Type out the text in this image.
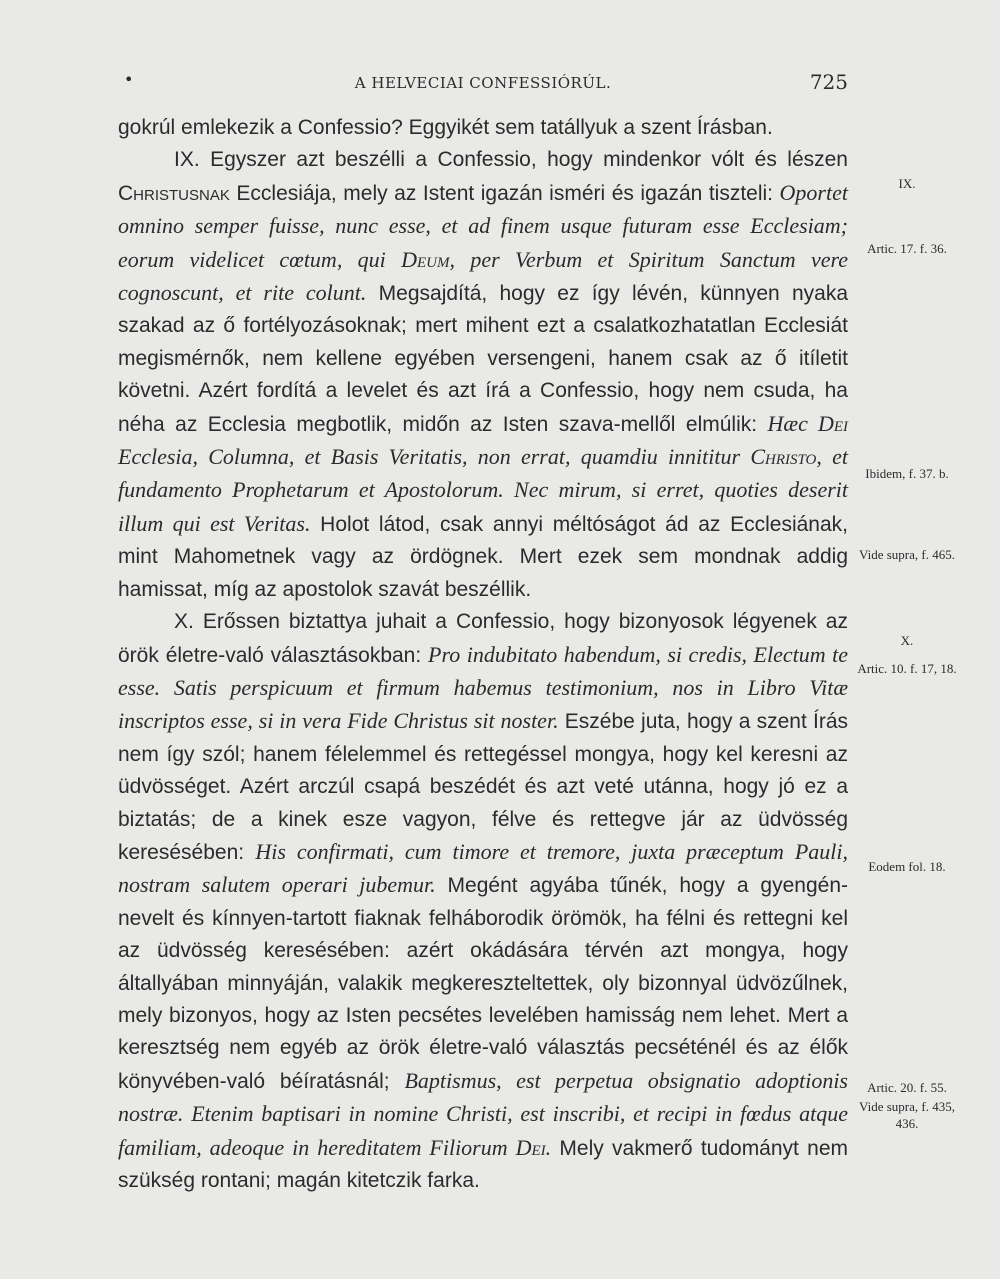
•	A HELVECIAI CONFESSIÓRÚL.	725

gokrúl emlekezik a Confessio? Eggyikét sem tatállyuk a szent Írásban.

IX. Egyszer azt beszélli a Confessio, hogy mindenkor vólt és lészen Christusnak Ecclesiája, mely az Istent igazán isméri és igazán tiszteli: Oportet omnino semper fuisse, nunc esse, et ad finem usque futuram esse Ecclesiam; eorum videlicet cœtum, qui Deum, per Verbum et Spiritum Sanctum vere cognoscunt, et rite colunt. Megsajdítá, hogy ez így lévén, künnyen nyaka szakad az ő fortélyozásoknak; mert mihent ezt a csalatkozhatatlan Ecclesiát megismérnők, nem kellene egyében versengeni, hanem csak az ő itíletit követni. Azért fordítá a levelet és azt írá a Confessio, hogy nem csuda, ha néha az Ecclesia megbotlik, midőn az Isten szava-mellől elmúlik: Hæc Dei Ecclesia, Columna, et Basis Veritatis, non errat, quamdiu innititur Christo, et fundamento Prophetarum et Apostolorum. Nec mirum, si erret, quoties deserit illum qui est Veritas. Holot látod, csak annyi méltóságot ád az Ecclesiának, mint Mahometnek vagy az ördögnek. Mert ezek sem mondnak addig hamissat, míg az apostolok szavát beszéllik.

X. Erőssen biztattya juhait a Confessio, hogy bizonyosok légyenek az örök életre-való választásokban: Pro indubitato habendum, si credis, Electum te esse. Satis perspicuum et firmum habemus testimonium, nos in Libro Vitæ inscriptos esse, si in vera Fide Christus sit noster. Eszébe juta, hogy a szent Írás nem így szól; hanem félelemmel és rettegéssel mongya, hogy kel keresni az üdvösséget. Azért arczúl csapá beszédét és azt veté utánna, hogy jó ez a biztatás; de a kinek esze vagyon, félve és rettegve jár az üdvösség keresésében: His confirmati, cum timore et tremore, juxta præceptum Pauli, nostram salutem operari jubemur. Megént agyába tűnék, hogy a gyengén-nevelt és kínnyen-tartott fiaknak felháborodik örömök, ha félni és rettegni kel az üdvösség keresésében: azért okádására térvén azt mongya, hogy általlyában minnyáján, valakik megkereszteltettek, oly bizonnyal üdvözűlnek, mely bizonyos, hogy az Isten pecsétes levelében hamisság nem lehet. Mert a keresztség nem egyéb az örök életre-való választás pecséténél és az élők könyvében-való béíratásnál; Baptismus, est perpetua obsignatio adoptionis nostræ. Etenim baptisari in nomine Christi, est inscribi, et recipi in fœdus atque familiam, adeoque in hereditatem Filiorum Dei. Mely vakmerő tudományt nem szükség rontani; magán kitetczik farka.

IX.
Artic. 17. f. 36.
Ibidem, f. 37. b.
Vide supra, f. 465.
X.
Artic. 10. f. 17, 18.
Eodem fol. 18.
Artic. 20. f. 55.
Vide supra, f. 435, 436.
